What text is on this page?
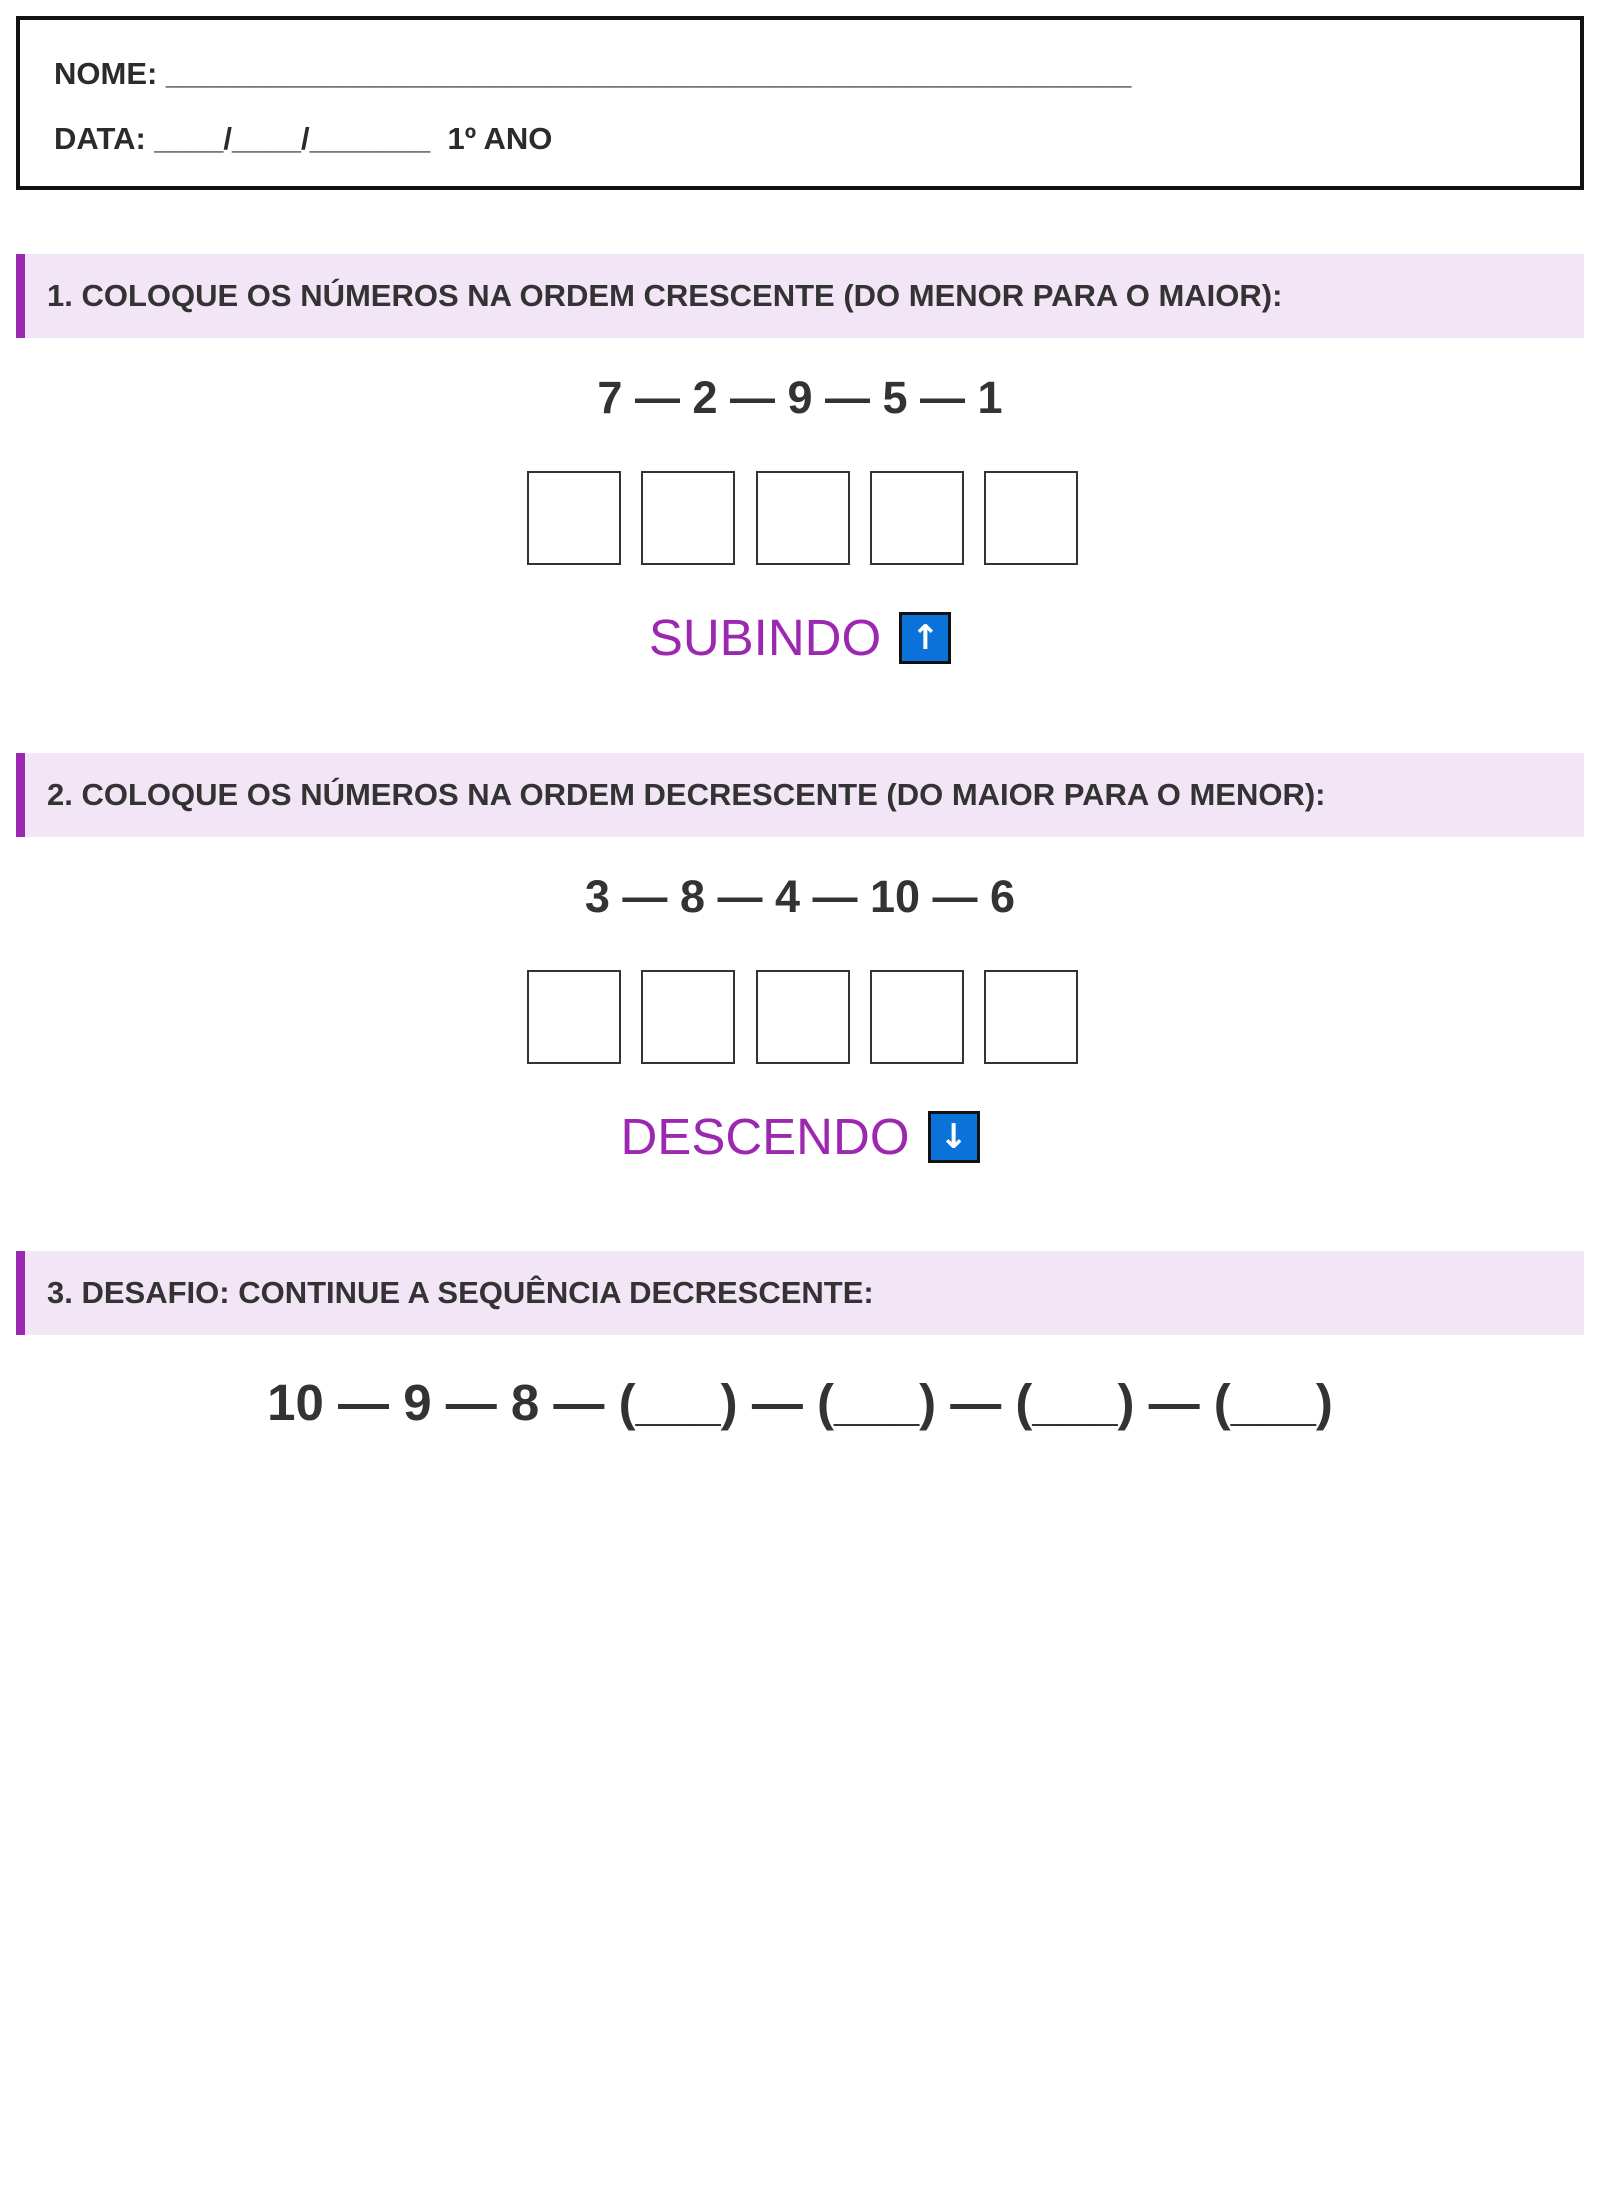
NOME: ________________________________________________________
DATA: ____/____/_______  1º ANO
1. COLOQUE OS NÚMEROS NA ORDEM CRESCENTE (DO MENOR PARA O MAIOR):
7 — 2 — 9 — 5 — 1
SUBINDO ↑
2. COLOQUE OS NÚMEROS NA ORDEM DECRESCENTE (DO MAIOR PARA O MENOR):
3 — 8 — 4 — 10 — 6
DESCENDO ↓
3. DESAFIO: CONTINUE A SEQUÊNCIA DECRESCENTE:
10 — 9 — 8 — (___) — (___) — (___) — (___)
